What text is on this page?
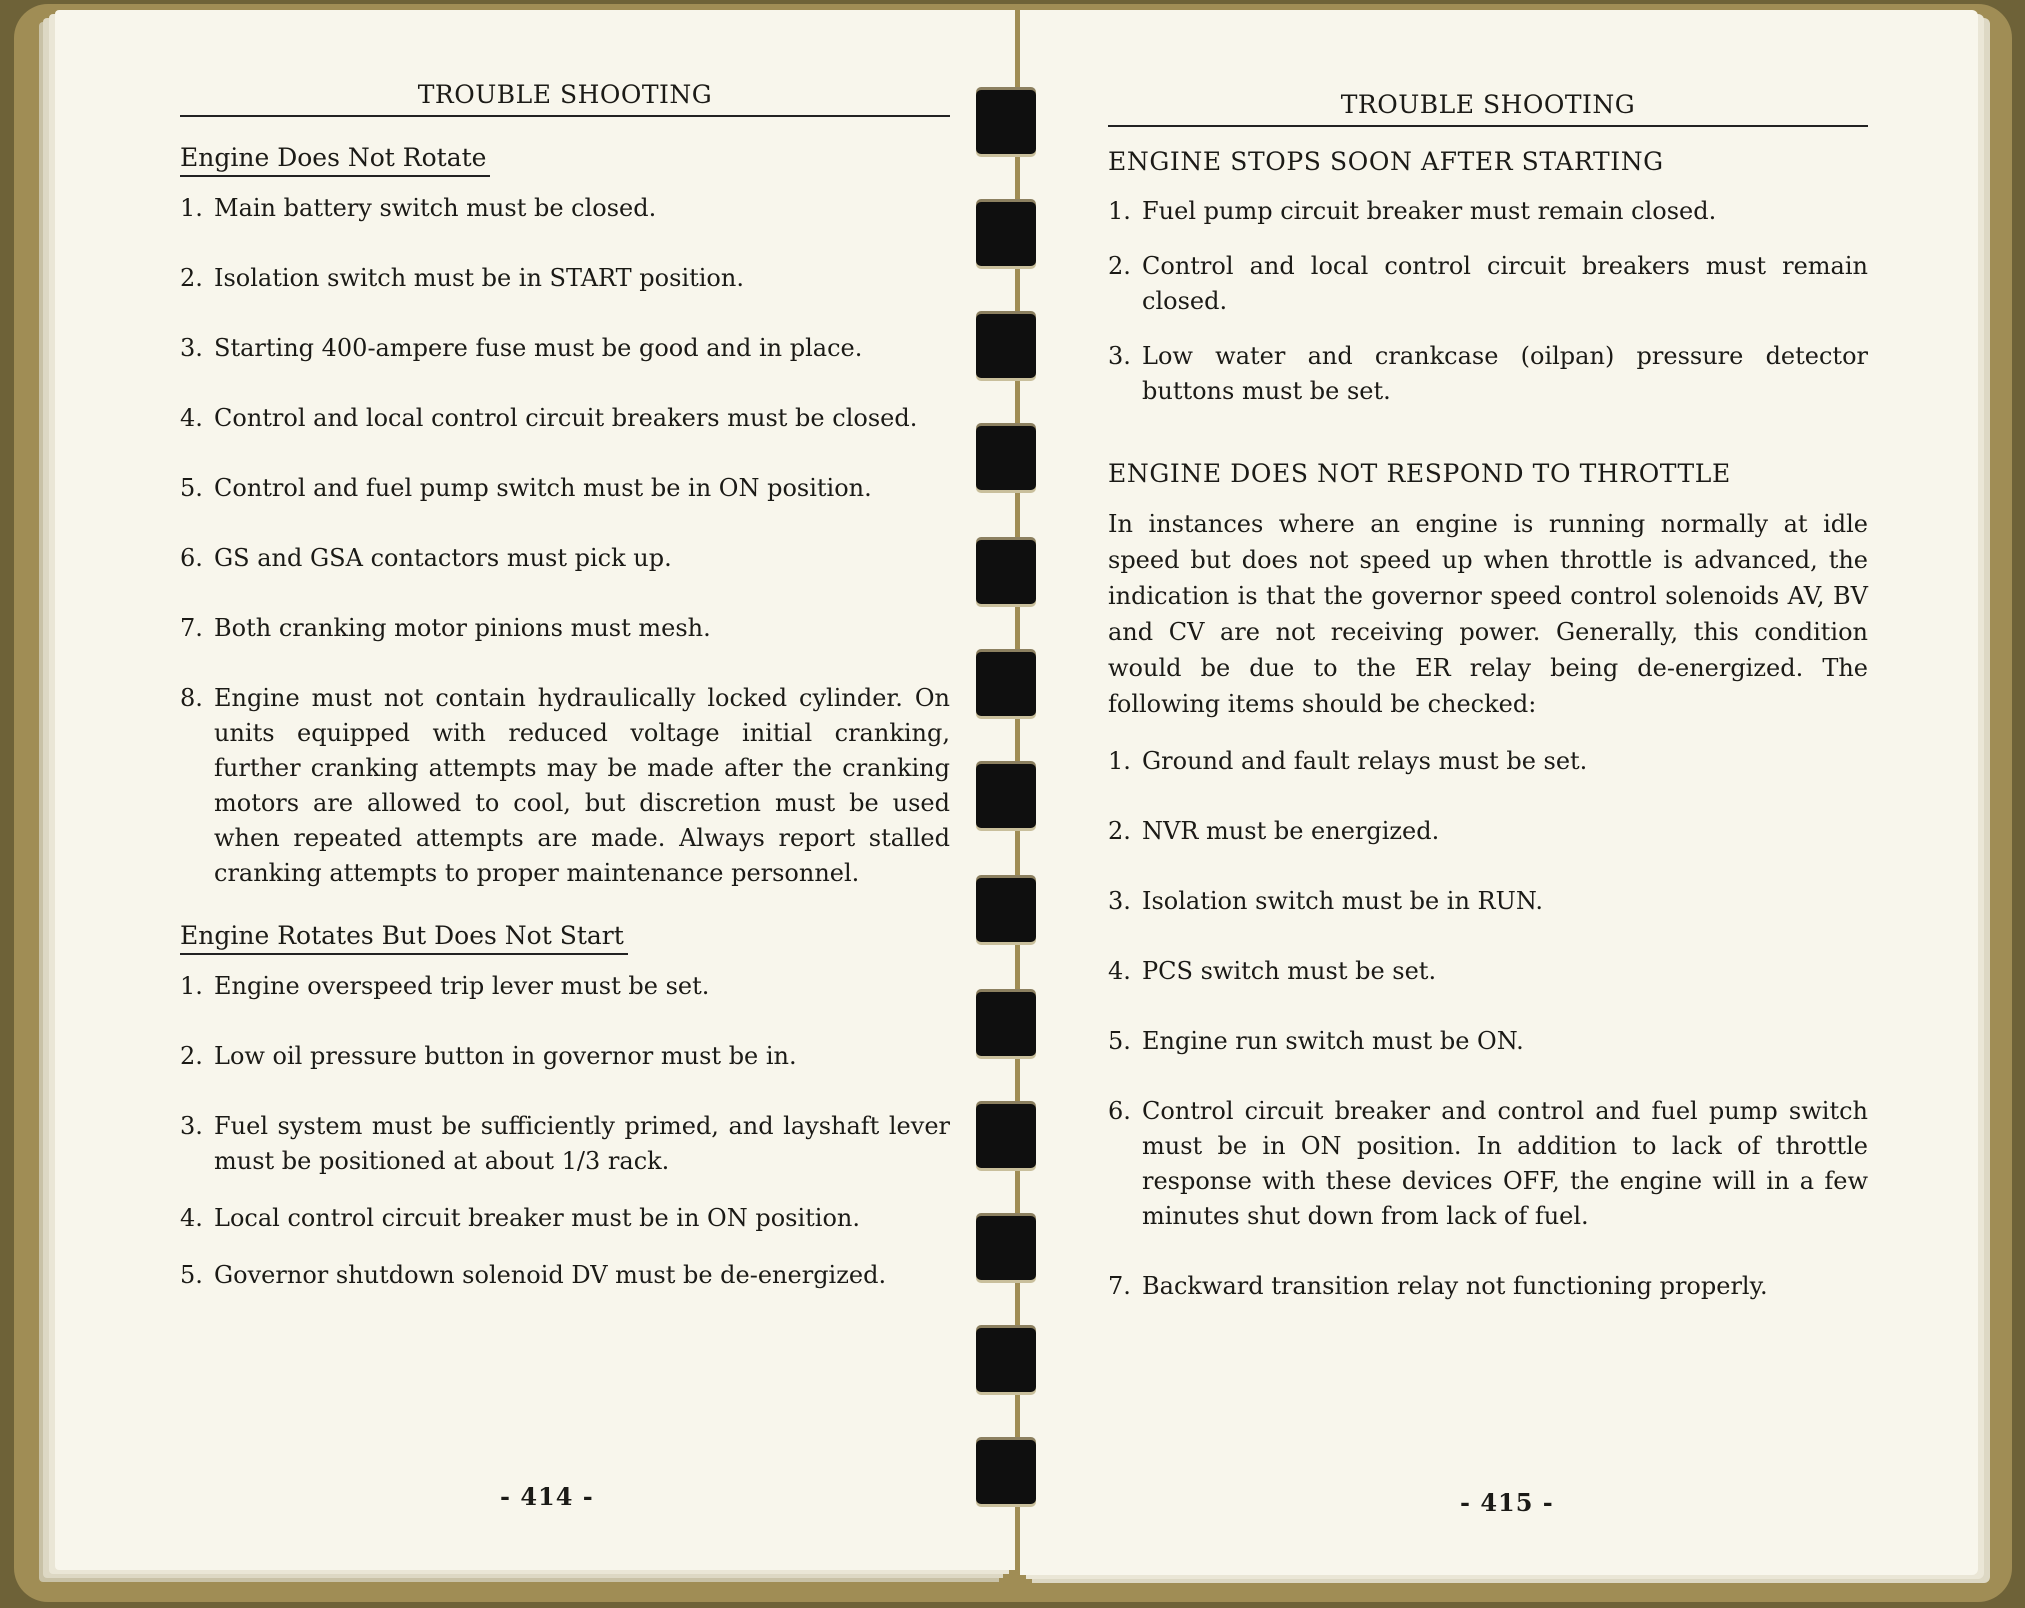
TROUBLE SHOOTING
Engine Does Not Rotate
1. Main battery switch must be closed.
2. Isolation switch must be in START position.
3. Starting 400-ampere fuse must be good and in place.
4. Control and local control circuit breakers must be closed.
5. Control and fuel pump switch must be in ON position.
6. GS and GSA contactors must pick up.
7. Both cranking motor pinions must mesh.
8. Engine must not contain hydraulically locked cylinder. On units equipped with reduced voltage initial cranking, further cranking attempts may be made after the cranking motors are allowed to cool, but discretion must be used when repeated attempts are made. Always report stalled cranking attempts to proper maintenance personnel.
Engine Rotates But Does Not Start
1. Engine overspeed trip lever must be set.
2. Low oil pressure button in governor must be in.
3. Fuel system must be sufficiently primed, and layshaft lever must be positioned at about 1/3 rack.
4. Local control circuit breaker must be in ON position.
5. Governor shutdown solenoid DV must be de-energized.
- 414 -
TROUBLE SHOOTING
ENGINE STOPS SOON AFTER STARTING
1. Fuel pump circuit breaker must remain closed.
2. Control and local control circuit breakers must remain closed.
3. Low water and crankcase (oilpan) pressure detector buttons must be set.
ENGINE DOES NOT RESPOND TO THROTTLE

In instances where an engine is running normally at idle speed but does not speed up when throttle is advanced, the indication is that the governor speed control solenoids AV, BV and CV are not receiving power. Generally, this condition would be due to the ER relay being de-energized. The following items should be checked:

1. Ground and fault relays must be set.
2. NVR must be energized.
3. Isolation switch must be in RUN.
4. PCS switch must be set.
5. Engine run switch must be ON.
6. Control circuit breaker and control and fuel pump switch must be in ON position. In addition to lack of throttle response with these devices OFF, the engine will in a few minutes shut down from lack of fuel.
7. Backward transition relay not functioning properly.
- 415 -
